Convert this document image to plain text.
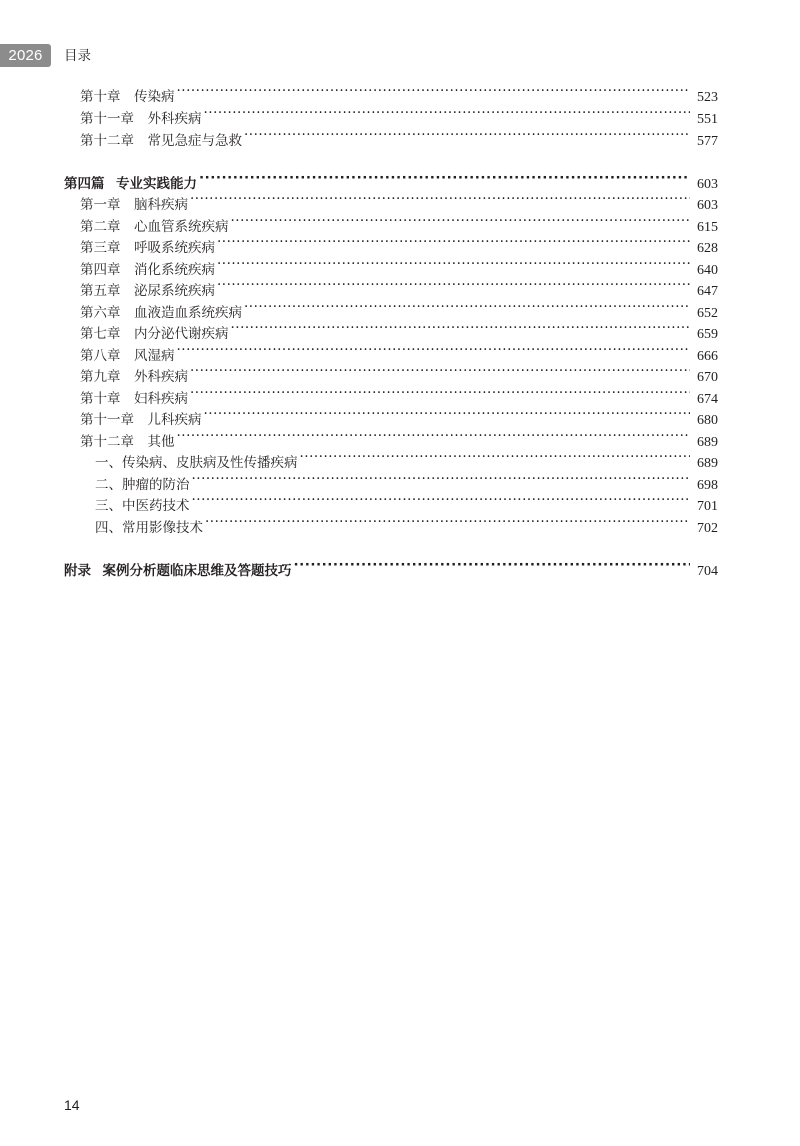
2026	目录
第十章 传染病 ·····	523
第十一章 外科疾病 ·····	551
第十二章 常见急症与急救 ·····	577
第四篇 专业实践能力 ·····	603
第一章 脑科疾病 ·····	603
第二章 心血管系统疾病 ·····	615
第三章 呼吸系统疾病 ·····	628
第四章 消化系统疾病 ·····	640
第五章 泌尿系统疾病 ·····	647
第六章 血液造血系统疾病 ·····	652
第七章 内分泌代谢疾病 ·····	659
第八章 风湿病 ·····	666
第九章 外科疾病 ·····	670
第十章 妇科疾病 ·····	674
第十一章 儿科疾病 ·····	680
第十二章 其他 ·····	689
一、传染病、皮肤病及性传播疾病 ·····	689
二、肿瘤的防治 ·····	698
三、中医药技术 ·····	701
四、常用影像技术 ·····	702
附录 案例分析题临床思维及答题技巧 ·····	704
14
